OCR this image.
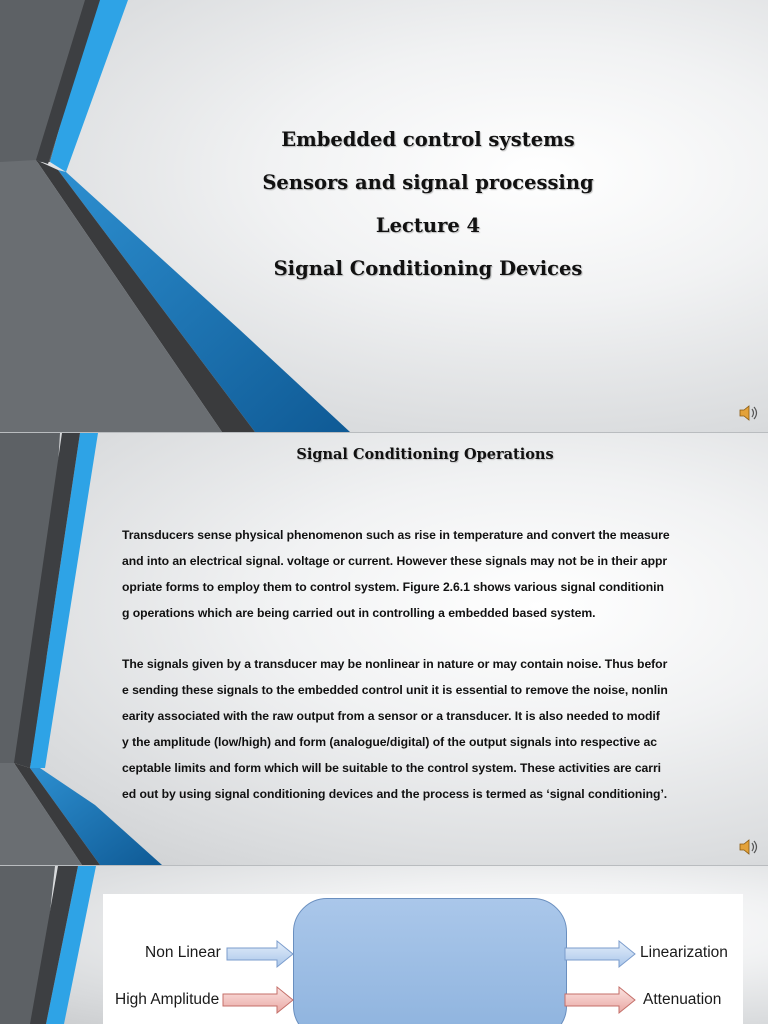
Embedded control systems
Sensors and signal processing
Lecture 4
Signal Conditioning Devices
Signal Conditioning Operations
Transducers sense physical phenomenon such as rise in temperature and convert the measure
and into an electrical signal. voltage or current. However these signals may not be in their appr
opriate forms to employ them to control system. Figure 2.6.1 shows various signal conditionin
g operations which are being carried out in controlling a embedded based system.
The signals given by a transducer may be nonlinear in nature or may contain noise. Thus befor
e sending these signals to the embedded control unit it is essential to remove the noise, nonlin
earity associated with the raw output from a sensor or a transducer. It is also needed to modif
y the amplitude (low/high) and form (analogue/digital) of the output signals into respective ac
ceptable limits and form which will be suitable to the control system. These activities are carri
ed out by using signal conditioning devices and the process is termed as ‘signal conditioning’.
Non Linear
High Amplitude
Linearization
Attenuation
